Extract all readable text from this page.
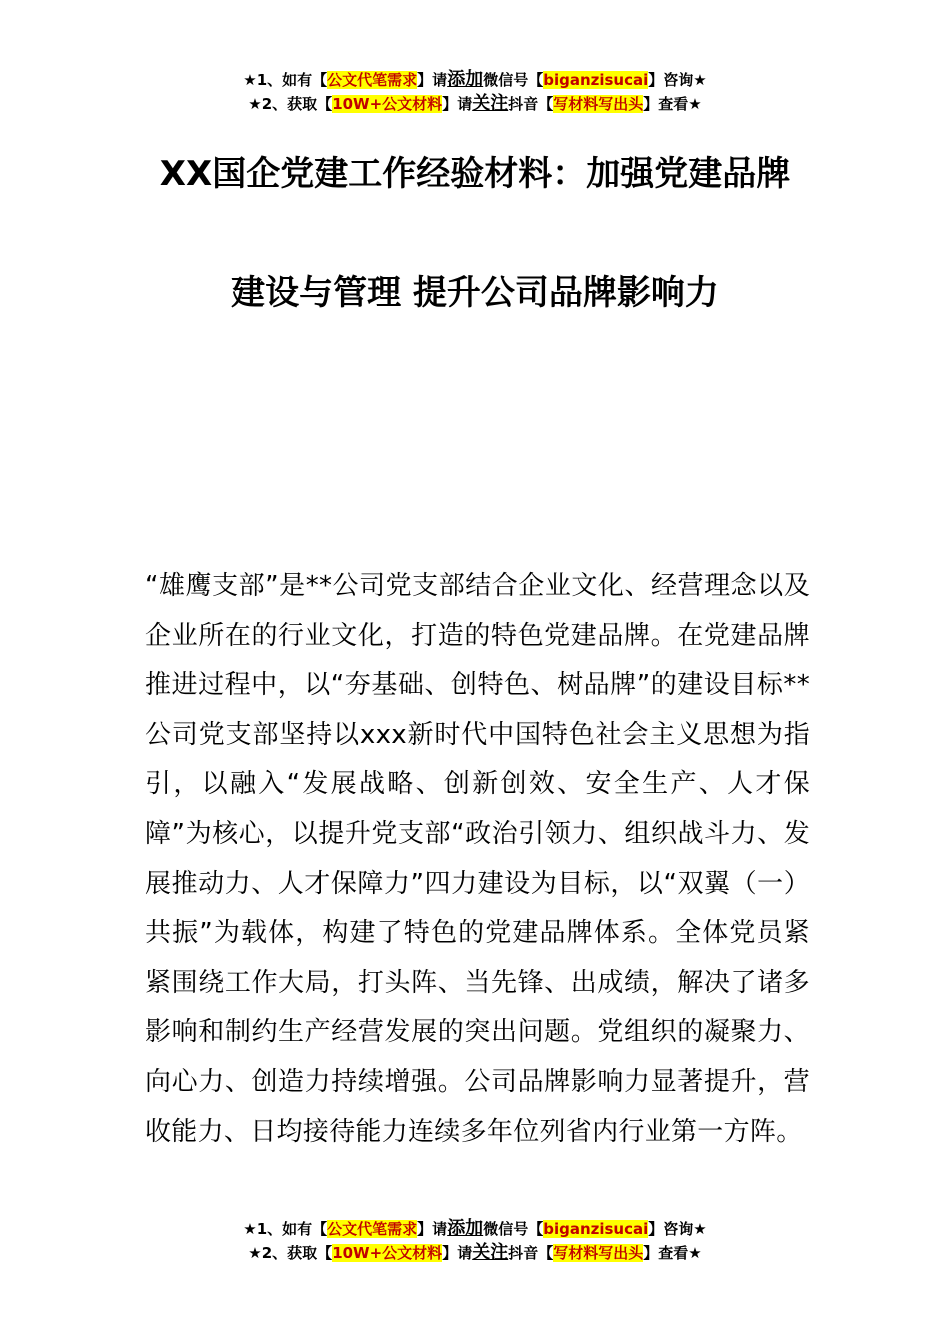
★1、如有【公文代笔需求】请添加微信号【biganzisucai】咨询★
★2、获取【10W+公文材料】请关注抖音【写材料写出头】查看★
XX国企党建工作经验材料：加强党建品牌
建设与管理 提升公司品牌影响力
“雄鹰支部”是**公司党支部结合企业文化、经营理念以及企业所在的行业文化，打造的特色党建品牌。在党建品牌推进过程中，以“夯基础、创特色、树品牌”的建设目标**公司党支部坚持以xxx新时代中国特色社会主义思想为指引，以融入“发展战略、创新创效、安全生产、人才保障”为核心，以提升党支部“政治引领力、组织战斗力、发展推动力、人才保障力”四力建设为目标，以“双翼（一）共振”为载体，构建了特色的党建品牌体系。全体党员紧紧围绕工作大局，打头阵、当先锋、出成绩，解决了诸多影响和制约生产经营发展的突出问题。党组织的凝聚力、向心力、创造力持续增强。公司品牌影响力显著提升，营收能力、日均接待能力连续多年位列省内行业第一方阵。
★1、如有【公文代笔需求】请添加微信号【biganzisucai】咨询★
★2、获取【10W+公文材料】请关注抖音【写材料写出头】查看★
